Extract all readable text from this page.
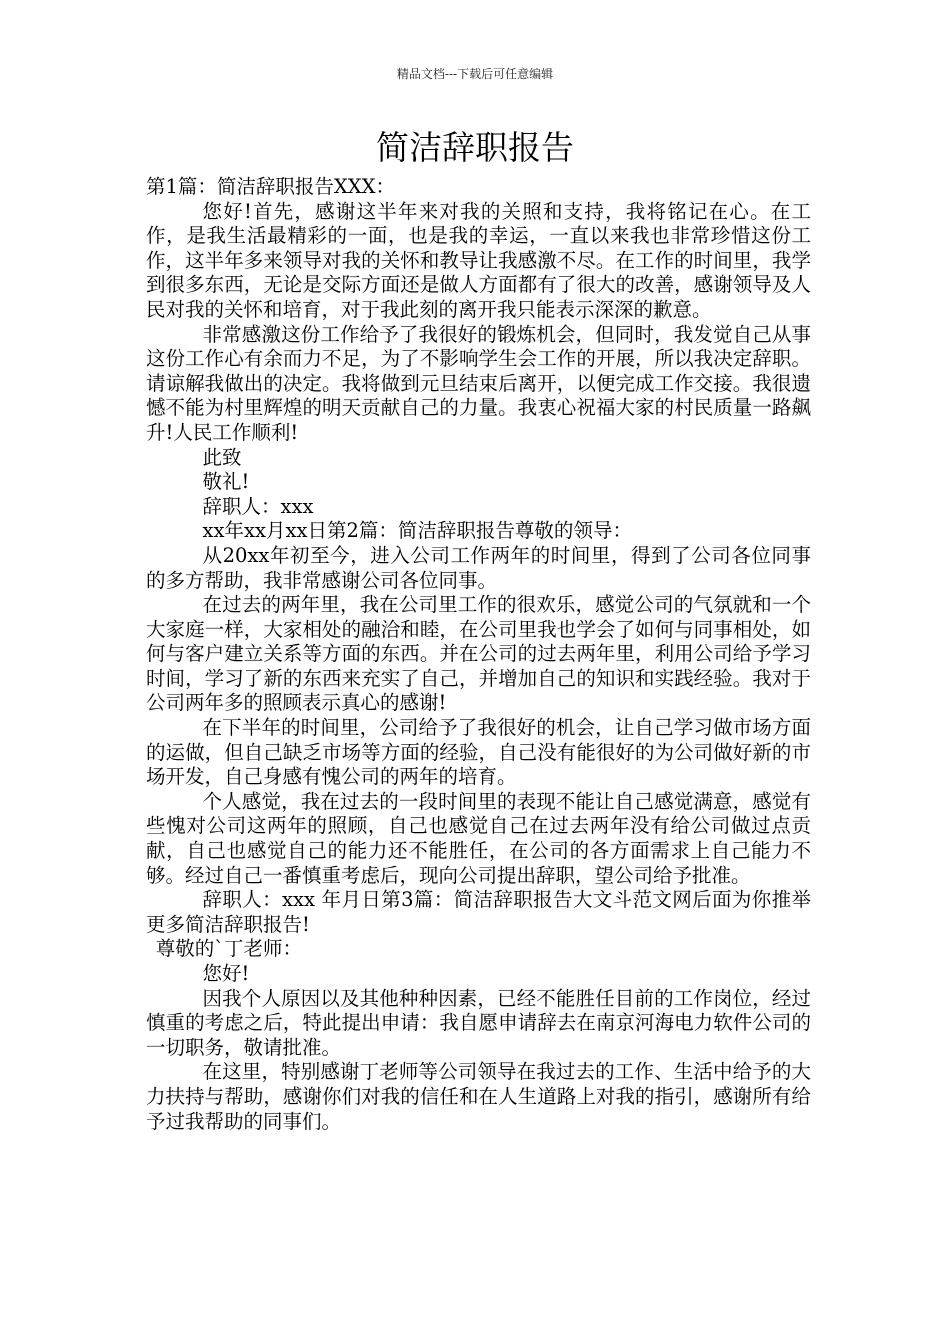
精品文档---下载后可任意编辑
简洁辞职报告

第1篇：简洁辞职报告XXX：

您好!首先，感谢这半年来对我的关照和支持，我将铭记在心。在工作，是我生活最精彩的一面，也是我的幸运，一直以来我也非常珍惜这份工作，这半年多来领导对我的关怀和教导让我感激不尽。在工作的时间里，我学到很多东西，无论是交际方面还是做人方面都有了很大的改善，感谢领导及人民对我的关怀和培育，对于我此刻的离开我只能表示深深的歉意。

非常感激这份工作给予了我很好的锻炼机会，但同时，我发觉自己从事这份工作心有余而力不足，为了不影响学生会工作的开展，所以我决定辞职。请谅解我做出的决定。我将做到元旦结束后离开，以便完成工作交接。我很遗憾不能为村里辉煌的明天贡献自己的力量。我衷心祝福大家的村民质量一路飙升!人民工作顺利!

此致

敬礼!

辞职人：xxx

xx年xx月xx日第2篇：简洁辞职报告尊敬的领导：

从20xx年初至今，进入公司工作两年的时间里，得到了公司各位同事的多方帮助，我非常感谢公司各位同事。

在过去的两年里，我在公司里工作的很欢乐，感觉公司的气氛就和一个大家庭一样，大家相处的融洽和睦，在公司里我也学会了如何与同事相处，如何与客户建立关系等方面的东西。并在公司的过去两年里，利用公司给予学习时间，学习了新的东西来充实了自己，并增加自己的知识和实践经验。我对于公司两年多的照顾表示真心的感谢!

在下半年的时间里，公司给予了我很好的机会，让自己学习做市场方面的运做，但自己缺乏市场等方面的经验，自己没有能很好的为公司做好新的市场开发，自己身感有愧公司的两年的培育。

个人感觉，我在过去的一段时间里的表现不能让自己感觉满意，感觉有些愧对公司这两年的照顾，自己也感觉自己在过去两年没有给公司做过点贡献，自己也感觉自己的能力还不能胜任，在公司的各方面需求上自己能力不够。经过自己一番慎重考虑后，现向公司提出辞职，望公司给予批准。

辞职人：xxx 年月日第3篇：简洁辞职报告大文斗范文网后面为你推举更多简洁辞职报告!

尊敬的`丁老师：

您好!

因我个人原因以及其他种种因素，已经不能胜任目前的工作岗位，经过慎重的考虑之后，特此提出申请：我自愿申请辞去在南京河海电力软件公司的一切职务，敬请批准。

在这里，特别感谢丁老师等公司领导在我过去的工作、生活中给予的大力扶持与帮助，感谢你们对我的信任和在人生道路上对我的指引，感谢所有给予过我帮助的同事们。
